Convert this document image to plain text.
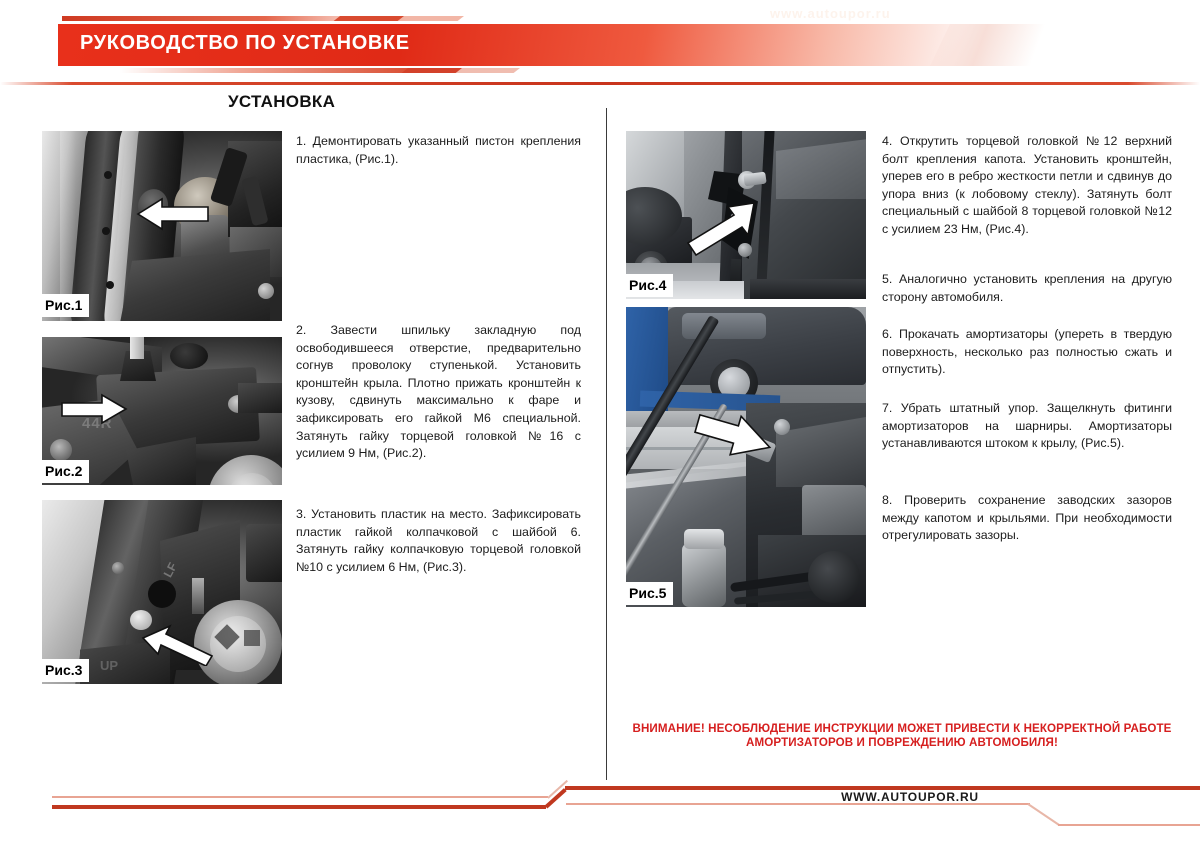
РУКОВОДСТВО ПО УСТАНОВКЕ
www.autoupor.ru
УСТАНОВКА
Рис.1
44R
Рис.2
LF
UP
Рис.3
Рис.4
Рис.5
1. Демонтировать указанный пистон крепления пластика, (Рис.1).
2. Завести шпильку закладную под освободившееся отверстие, предварительно согнув проволоку ступенькой. Установить кронштейн крыла. Плотно прижать кронштейн к кузову, сдвинуть максимально к фаре и зафиксировать его гайкой М6 специальной. Затянуть гайку торцевой головкой №16 с усилием 9 Нм, (Рис.2).
3. Установить пластик на место. Зафиксировать пластик гайкой колпачковой с шайбой 6. Затянуть гайку колпачковую торцевой головкой №10 с усилием 6 Нм, (Рис.3).
4. Открутить торцевой головкой №12 верхний болт крепления капота. Установить кронштейн, уперев его в ребро жесткости петли и сдвинув до упора вниз (к лобовому стеклу). Затянуть болт специальный с шайбой 8 торцевой головкой №12 с усилием 23 Нм, (Рис.4).
5. Аналогично установить крепления на другую сторону автомобиля.
6. Прокачать амортизаторы (упереть в твердую поверхность, несколько раз полностью сжать и отпустить).
7. Убрать штатный упор. Защелкнуть фитинги амортизаторов на шарниры. Амортизаторы устанавливаются штоком к крылу, (Рис.5).
8. Проверить сохранение заводских зазоров между капотом и крыльями. При необходимости отрегулировать зазоры.
ВНИМАНИЕ! НЕСОБЛЮДЕНИЕ ИНСТРУКЦИИ МОЖЕТ ПРИВЕСТИ К НЕКОРРЕКТНОЙ РАБОТЕ АМОРТИЗАТОРОВ И ПОВРЕЖДЕНИЮ АВТОМОБИЛЯ!
WWW.AUTOUPOR.RU
